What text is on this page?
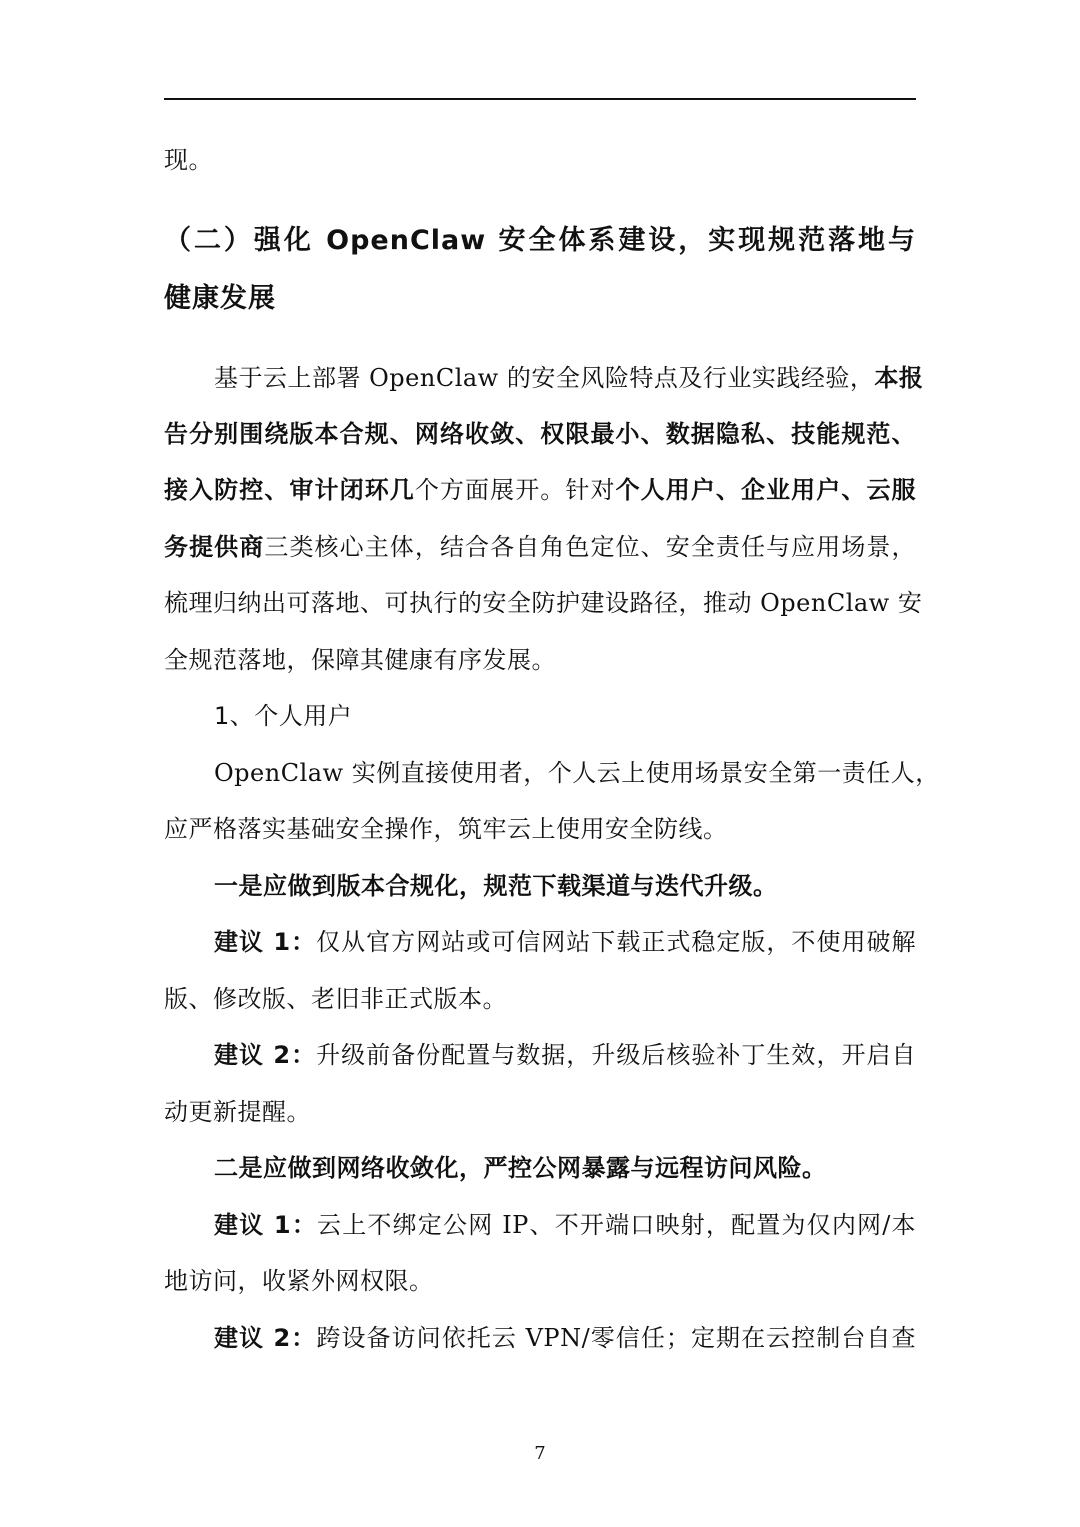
现。
（二）强化 OpenClaw 安全体系建设，实现规范落地与
健康发展
基于云上部署 OpenClaw 的安全风险特点及行业实践经验，本报
告分别围绕版本合规、网络收敛、权限最小、数据隐私、技能规范、
接入防控、审计闭环几个方面展开。针对个人用户、企业用户、云服
务提供商三类核心主体，结合各自角色定位、安全责任与应用场景，
梳理归纳出可落地、可执行的安全防护建设路径，推动 OpenClaw 安
全规范落地，保障其健康有序发展。
1、个人用户
OpenClaw 实例直接使用者，个人云上使用场景安全第一责任人，
应严格落实基础安全操作，筑牢云上使用安全防线。
一是应做到版本合规化，规范下载渠道与迭代升级。
建议 1：仅从官方网站或可信网站下载正式稳定版，不使用破解
版、修改版、老旧非正式版本。
建议 2：升级前备份配置与数据，升级后核验补丁生效，开启自
动更新提醒。
二是应做到网络收敛化，严控公网暴露与远程访问风险。
建议 1：云上不绑定公网 IP、不开端口映射，配置为仅内网/本
地访问，收紧外网权限。
建议 2：跨设备访问依托云 VPN/零信任；定期在云控制台自查
7
